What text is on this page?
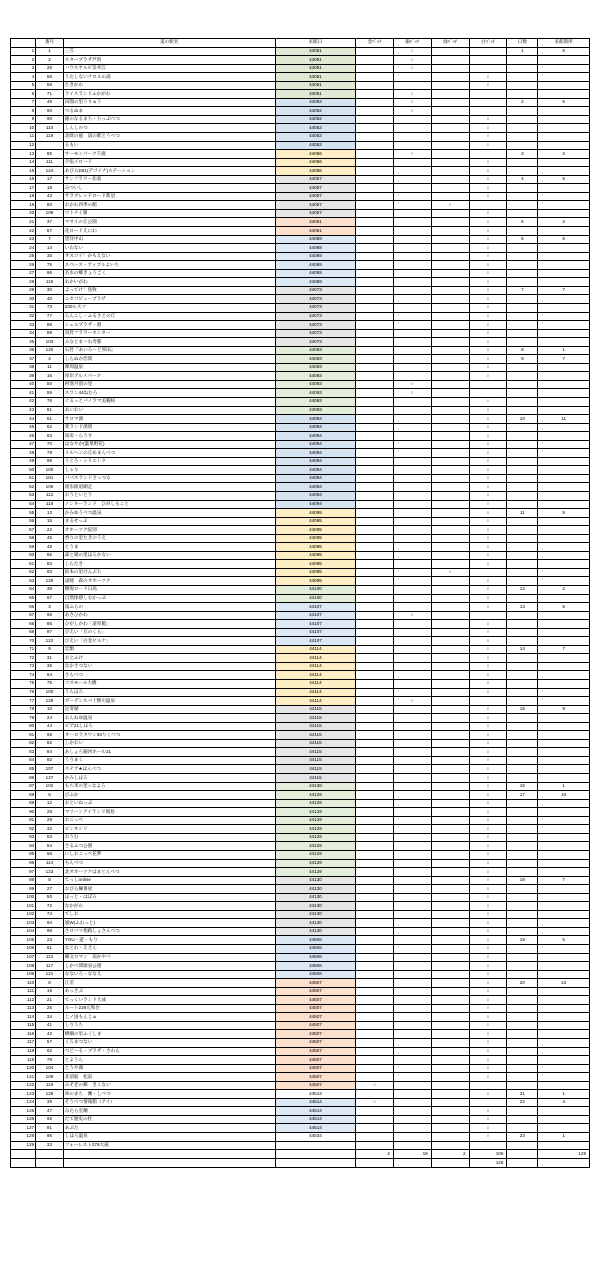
	番号	道の駅名	来館日	金ﾊﾞｯﾁ	銀ﾊﾞｯﾁ	緑ﾊﾞｯﾁ	白ﾊﾞｯﾁ	日数	来館箇所
1	1	三笠	44051		○			1	6
2	2	スタープラザ芦別	44051		○				
3	26	ハウスヤルビ奈井江	44051		○				
4	56	うたしないチロルの湯	44051				○		
5	58	たきかわ	44051				○		
6	71	ライスランドふかがわ	44051		○				
7	46	田園の里うりゅう	44052		○			2	6
8	60	つるぬま	44052		○				
9	90	鐘のなるまち・ちっぷべつ	44052				○		
10	110	しんしのつ	44052				○		
11	119	北欧の風　道の駅とうべつ	44052				○		
12		るもい	44052				○		
13	85	サーモンパーク千歳	44056		○			3	3
14	111	夕張メロード	44056				○		
15	124	あびらD51(デゴイチ)ステーション	44056				○		
16	17	サンフラワー北竜	44057				○	4	5
17	18	みついし	44057				○		
18	43	サラブレッドロード新冠	44057				○		
19	80	おかわ四季の館	44057			○			
20	108	ウトナイ湖	44057				○		
21	37	マオイの丘公園	44061				○	5	2
22	87	花ロードえにわ	44061				○		
23	7	望洋中山	44069				○	6	6
24	14	いわない	44069				○		
25	35	オスコイ！かもえない	44069				○		
26	75	スペース・アップルよいち	44069				○		
27	96	名水の郷きょうごく	44069				○		
28	115	あかいがわ	44069				○		
29	30	よってけ！島牧	44073				○	7	7
30	40	ニセコビュープラザ	44073				○		
31	73	230ルスツ	44073				○		
32	77	らんこし・ふるさとの丘	44073				○		
33	88	シェルプラザ・港	44073				○		
34	89	真狩フラワーセンター	44073				○		
35	103	みなとま〜れ寿都	44073				○		
36	120	石狩『あいろーど厚田』	44093				○	8	1
37	4	しらぬか恋問	44093				○	9	7
38	11	摩周温泉	44093				○		
39	16	厚岸グルメパーク	44093				○		
40	50	阿寒丹頂の里	44093		○				
41	59	スワン44ねむろ	44093		○				
42	76	ぐるっとパノラマ美幌峠	44093				○		
43	81	あいおい	44093				○		
44	51	サロマ湖	44094				○	10	11
45	52	愛ランド湧別	44094				○		
46	63	知床・らうす	44094				○		
47	70	はなやか(葉菜野花)	44094				○		
48	79	メルヘンの丘めまんべつ	44094				○		
49	99	うとろ・シリエトク	44094				○		
50	100	しゃり	44094				○		
51	101	パパスランドさっつる	44094				○		
52	106	流氷街道網走	44094				○		
53	112	おうといとう	44094				○		
54	118	ノンキーランド　ひがしもこと	44094				○		
55	13	かみゆうべつ温泉	44095				○	11	9
56	15	まるせっぷ	44095				○		
57	22	オホーツク紋別	44095				○		
58	45	香りの里たきのうえ	44095				○		
59	48	とうま	44095				○		
60	55	森と湖の里ほろかない	44095				○		
61	83	しらたき	44095				○		
62	93	絵本の里けんぶち	44095			○			
63	125	遠軽　森のオホーツク	44095				○		
64	38	樹海ロード日高	44100				○	12	2
65	67	自然体感しむかっぷ	44100				○		
66	3	南ふらの	44107				○	13	5
67	66	あさひかわ	44107		○				
68	86	ひがしかわ「道草館」	44107				○		
69	97	びえい「丘のくら」	44107				○		
70	122	びえい「白金ビルケ」	44107				○		
71	9	忠類	44114				○	14	7
72	31	おとふけ	44114				○		
73	36	なかさつない	44114				○		
74	64	さらべつ	44114				○		
75	75	コスモール大樹	44114				○		
76	100	うらほろ	44114				○		
77	128	ガーデンスパ十勝川温泉	44114		○				
78	10	足寄湖	44115				○	15	9
79	24	おんねゆ温泉	44115				○		
80	44	ピア21しほろ	44115				○		
81	69	オーロラタウン93りくべつ	44115				○		
82	82	しかおい	44115				○		
83	84	あしょろ銀河ホール21	44115				○		
84	92	うりまく	44115				○		
85	107	ステア★ほんべつ	44115				○		
86	127	かみしほろ	44115				○		
87	102	もち米の里☆なよろ	44128				○	16	1
88	5	びふか	44129				○	17	10
89	12	おといねっぷ	44129				○		
90	28	マリーンアイランド岡島	44129				○		
91	29	おこっぺ	44129				○		
92	32	ピンネシリ	44129				○		
93	53	おうむ	44129				○		
94	54	さるふつ公園	44129				○		
95	68	にしおこっぺ花夢	44129				○		
96	114	もんべつ	44129				○		
97	123	北オホーツクはまとんべつ	44129				○		
98	8	てっしonline	44130				○	18	7
99	27	おびら鰊番屋	44130				○		
100	50	ほっと・はぼろ	44130				○		
101	72	なかがわ	44130				○		
102	74	てしお	44130				○		
103	94	風W(ふわっと)	44130				○		
104	98	さロバツ指路しょさんべつ	44130				○		
105	23	YOU・遊・もり	44506				○	19	5
106	61	なとわ・えさん	44506				○		
107	113	縄文ロマン　南かやべ	44506				○		
108	117	しかべ間歇泉公園	44506				○		
109	121	なないろ・ななえ	44506				○		
110	6	江差	44507				○	20	13
111	19	あっさぶ	44507				○		
112	21	てっくいランド大成	44507				○		
113	25	ルート229元和台	44507				○		
114	34	上ノ国もんじゅ	44507				○		
115	41	しりうち	44507				○		
116	42	横綱の里ふくしま	44507				○		
117	57	くろまつない	44507				○		
118	62	つど〜る・プラザ・さわら	44507				○		
119	78	とようら	44507				○		
120	104	とうや湖	44507				○		
121	109	北前船　松前	44507				○		
122	116	みそぎの郷　きこない	44507	○					
123	129	車のまち　蘭・しべつ	44513				○	21	1
124	39	そうべつ情報館（アイ）	44514	○				22	4
125	47	みたら室蘭	44514				○		
126	65	だて歴史の杜	44514				○		
127	91	あぷた	44514				○		
128	95	しほろ温泉	44534				○	23	1
129	33	フォーレスト276大滝							
				2	18	2	106		128
							128		
